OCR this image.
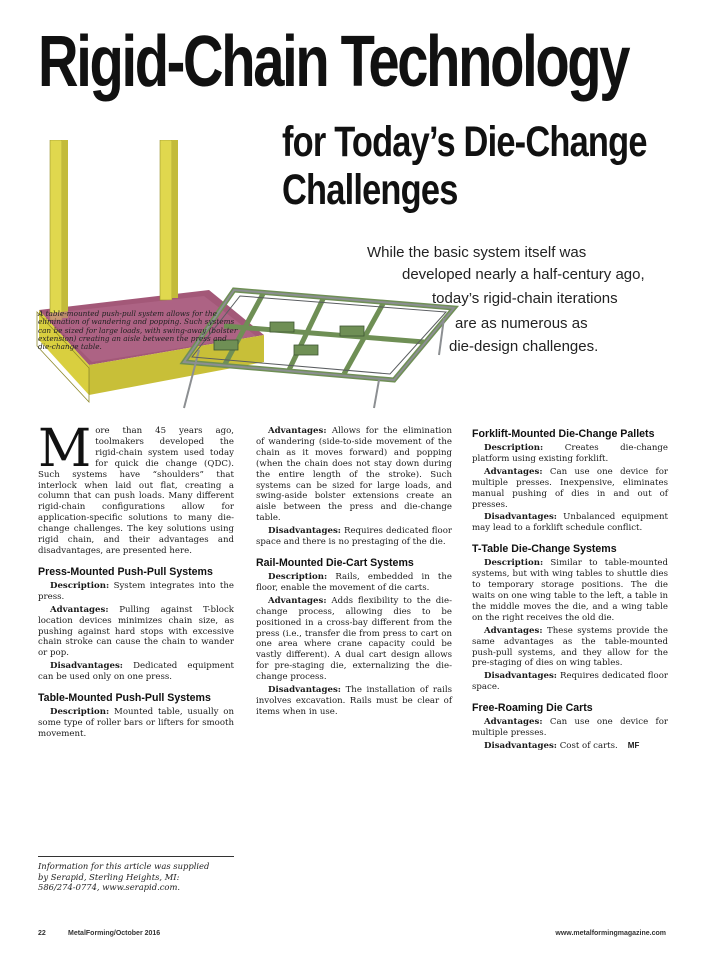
Rigid-Chain Technology
for Today’s Die-Change
Challenges
While the basic system itself was
developed nearly a half-century ago,
today’s rigid-chain iterations
are as numerous as
die-design challenges.
A table-mounted push-pull system allows for the elimination of wandering and popping. Such systems can be sized for large loads, with swing-away (bolster extension) creating an aisle between the press and die-change table.

More than 45 years ago, toolmakers developed the rigid-chain system used today for quick die change (QDC). Such systems have “shoulders” that interlock when laid out flat, creating a column that can push loads. Many different rigid-chain configurations allow for application-specific solutions to many die-change challenges. The key solutions using rigid chain, and their advantages and disadvantages, are presented here.

Press-Mounted Push-Pull Systems

Description: System integrates into the press.

Advantages: Pulling against T-block location devices minimizes chain size, as pushing against hard stops with excessive chain stroke can cause the chain to wander or pop.

Disadvantages: Dedicated equipment can be used only on one press.

Table-Mounted Push-Pull Systems

Description: Mounted table, usually on some type of roller bars or lifters for smooth movement.

Information for this article was supplied
by Serapid, Sterling Heights, MI:
586/274-0774, www.serapid.com.

Advantages: Allows for the elimination of wandering (side-to-side movement of the chain as it moves forward) and popping (when the chain does not stay down during the entire length of the stroke). Such systems can be sized for large loads, and swing-aside bolster extensions create an aisle between the press and die-change table.

Disadvantages: Requires dedicated floor space and there is no prestaging of the die.

Rail-Mounted Die-Cart Systems

Description: Rails, embedded in the floor, enable the movement of die carts.

Advantages: Adds flexibility to the die-change process, allowing dies to be positioned in a cross-bay different from the press (i.e., transfer die from press to cart on one area where crane capacity could be vastly different). A dual cart design allows for pre-staging die, externalizing the die-change process.

Disadvantages: The installation of rails involves excavation. Rails must be clear of items when in use.

Forklift-Mounted Die-Change Pallets

Description:	Creates die-change platform using existing forklift.

Advantages: Can use one device for multiple presses. Inexpensive, eliminates manual pushing of dies in and out of presses.

Disadvantages: Unbalanced equipment may lead to a forklift schedule conflict.

T-Table Die-Change Systems

Description: Similar to table-mounted systems, but with wing tables to shuttle dies to temporary storage positions. The die waits on one wing table to the left, a table in the middle moves the die, and a wing table on the right receives the old die.

Advantages: These systems provide the same advantages as the table-mounted push-pull systems, and they allow for the pre-staging of dies on wing tables.

Disadvantages: Requires dedicated floor space.

Free-Roaming Die Carts

Advantages: Can use one device for multiple presses.

Disadvantages: Cost of carts. MF

22	MetalForming/October 2016	www.metalformingmagazine.com
